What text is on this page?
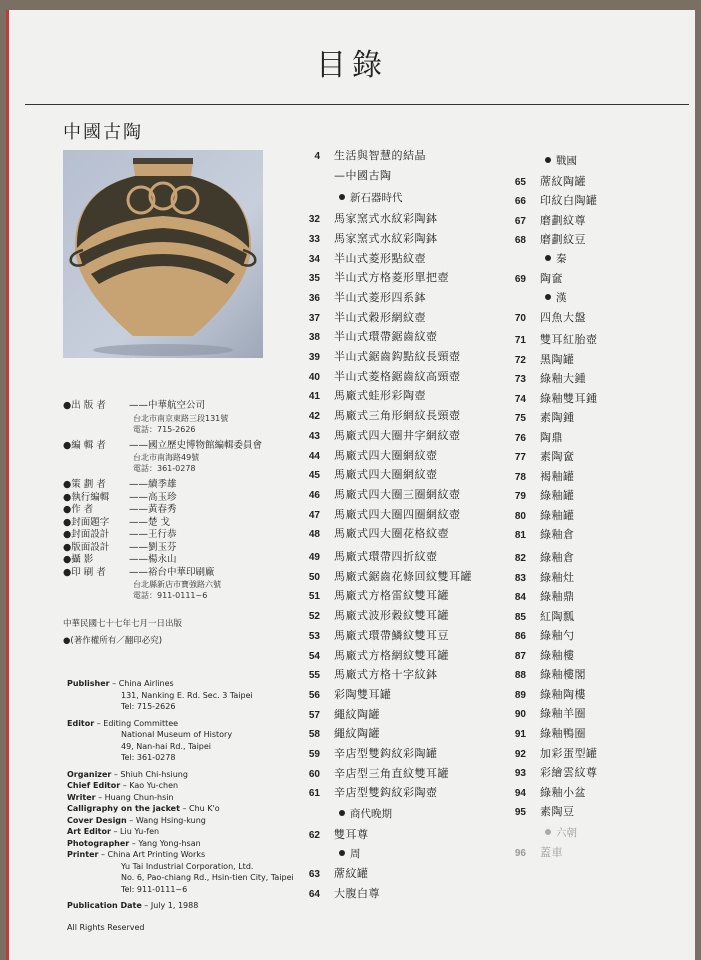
目錄
中國古陶
●出 版 者	——中華航空公司
台北市南京東路三段131號
電話：715-2626
●編 輯 者	——國立歷史博物館編輯委員會
台北市南海路49號
電話：361-0278
●策 劃 者	——續季雄
●執行編輯	——高玉珍
●作 者	——黃春秀
●封面題字	——楚 戈
●封面設計	——王行恭
●版面設計	——劉玉芬
●攝 影	——楊永山
●印 刷 者	——裕台中華印刷廠
台北縣新店市寶強路六號
電話：911-0111~6
中華民國七十七年七月一日出版
●(著作權所有／翻印必究)
Publisher – China Airlines
131, Nanking E. Rd. Sec. 3 Taipei
Tel: 715-2626
Editor – Editing Committee
National Museum of History
49, Nan-hai Rd., Taipei
Tel: 361-0278
Organizer – Shiuh Chi-hsiung
Chief Editor – Kao Yu-chen
Writer – Huang Chun-hsin
Calligraphy on the jacket – Chu K'o
Cover Design – Wang Hsing-kung
Art Editor – Liu Yu-fen
Photographer – Yang Yong-hsan
Printer – China Art Printing Works
Yu Tai Industrial Corporation, Ltd.
No. 6, Pao-chiang Rd., Hsin-tien City, Taipei
Tel: 911-0111~6
Publication Date – July 1, 1988
All Rights Reserved
4 生活與智慧的結晶
—中國古陶
新石器時代
32 馬家窯式水紋彩陶鉢
33 馬家窯式水紋彩陶鉢
34 半山式菱形點紋壺
35 半山式方格菱形單把壺
36 半山式菱形四系鉢
37 半山式穀形網紋壺
38 半山式環帶鋸齒紋壺
39 半山式鋸齒鈎點紋長頸壺
40 半山式菱格鋸齒紋高頸壺
41 馬廠式蛙形彩陶壺
42 馬廠式三角形網紋長頸壺
43 馬廠式四大圈井字網紋壺
44 馬廠式四大圈網紋壺
45 馬廠式四大圈網紋壺
46 馬廠式四大圈三圈網紋壺
47 馬廠式四大圈四圈網紋壺
48 馬廠式四大圈花格紋壺
49 馬廠式環帶四折紋壺
50 馬廠式鋸齒花條回紋雙耳罐
51 馬廠式方格雷紋雙耳罐
52 馬廠式波形穀紋雙耳罐
53 馬廠式環帶鱗紋雙耳豆
54 馬廠式方格網紋雙耳罐
55 馬廠式方格十字紋鉢
56 彩陶雙耳罐
57 繩紋陶罐
58 繩紋陶罐
59 辛店型雙鈎紋彩陶罐
60 辛店型三角直紋雙耳罐
61 辛店型雙鈎紋彩陶壺
商代晚期
62 雙耳尊
周
63 蓆紋罐
64 大腹白尊
戰國
65 蓆紋陶罐
66 印紋白陶罐
67 磨劃紋尊
68 磨劃紋豆
秦
69 陶奩
漢
70 四魚大盤
71 雙耳紅胎壺
72 黑陶罐
73 綠釉大鍾
74 綠釉雙耳鍾
75 素陶鍾
76 陶鼎
77 素陶奩
78 褐釉罐
79 綠釉罐
80 綠釉罐
81 綠釉倉
82 綠釉倉
83 綠釉灶
84 綠釉鼎
85 紅陶瓢
86 綠釉勺
87 綠釉樓
88 綠釉樓閣
89 綠釉陶樓
90 綠釉羊圈
91 綠釉鴨圈
92 加彩蛋型罐
93 彩繪雲紋尊
94 綠釉小盆
95 素陶豆
六朝
96 蓋車
